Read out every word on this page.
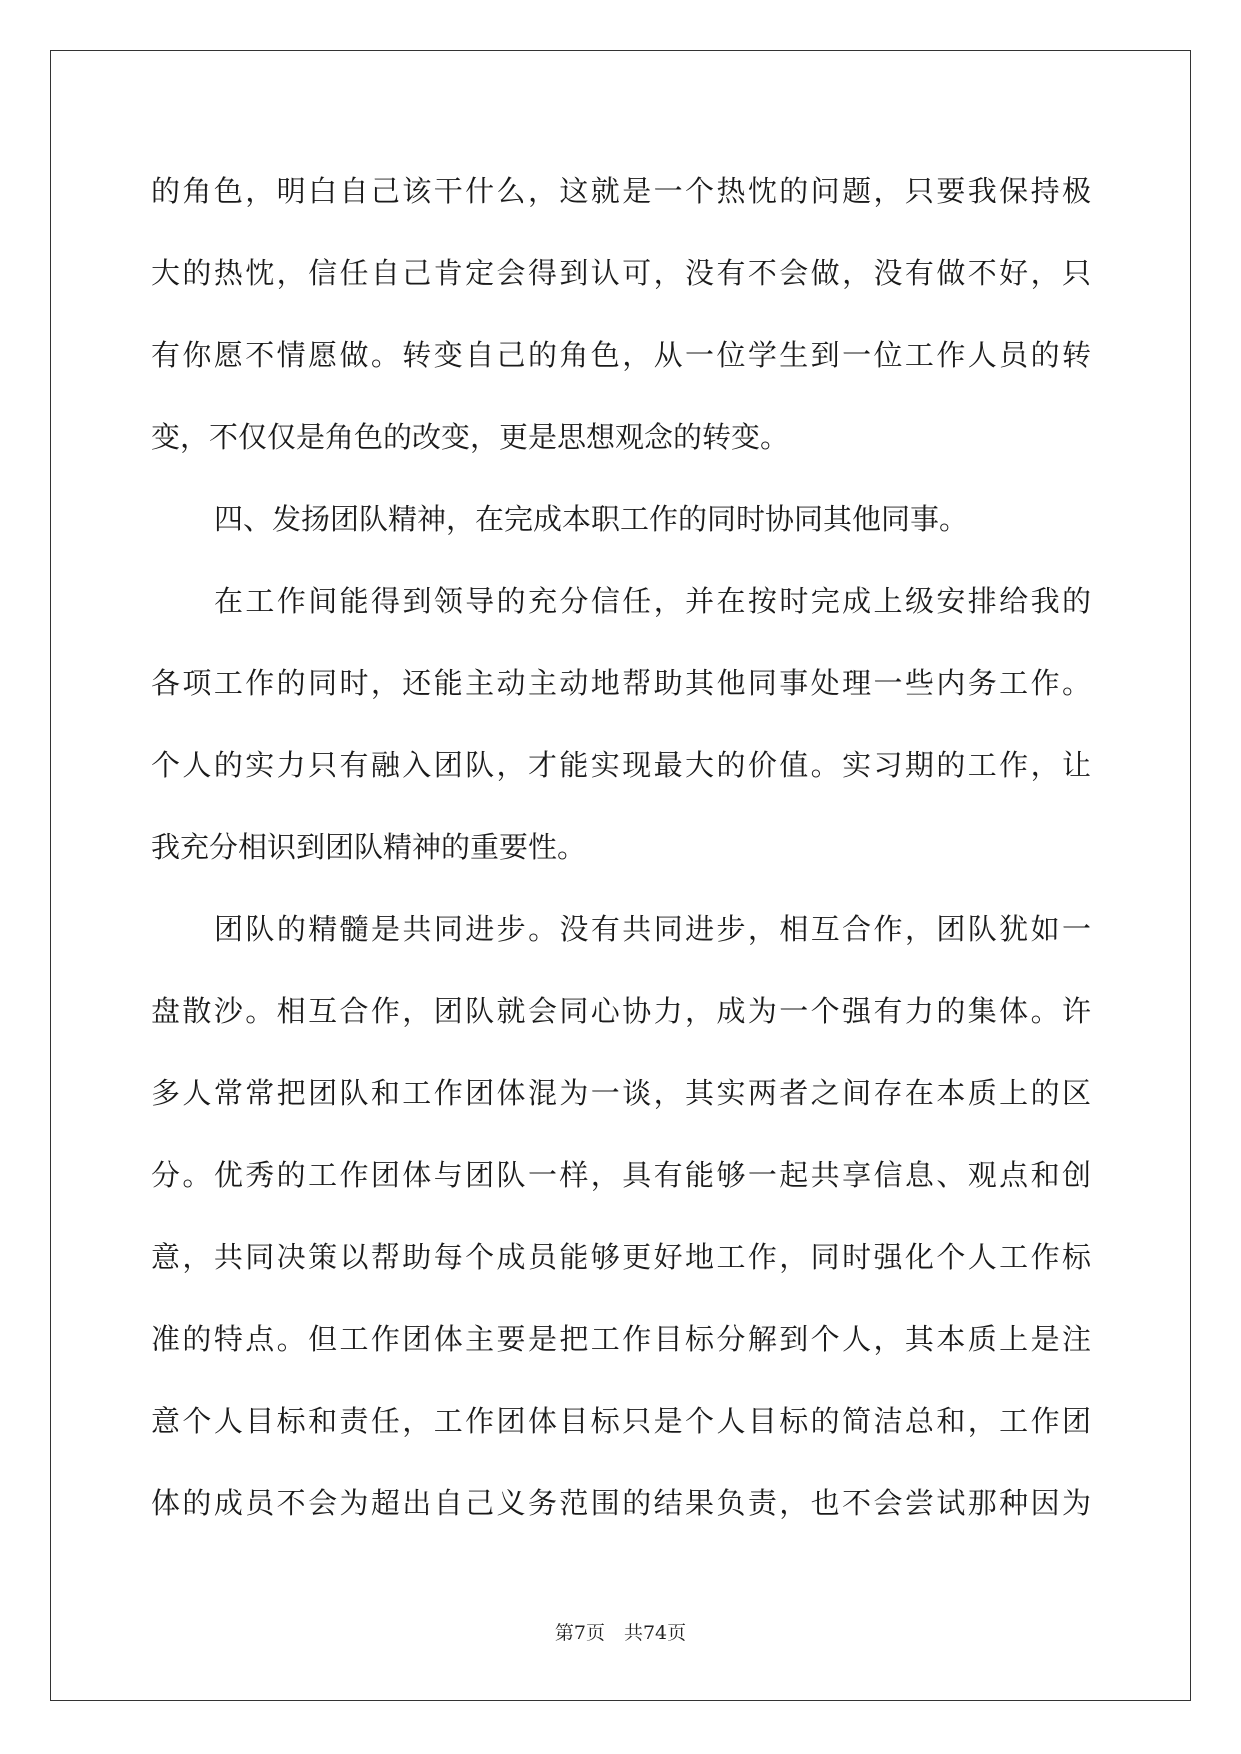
的角色，明白自己该干什么，这就是一个热忱的问题，只要我保持极
大的热忱，信任自己肯定会得到认可，没有不会做，没有做不好，只
有你愿不情愿做。转变自己的角色，从一位学生到一位工作人员的转
变，不仅仅是角色的改变，更是思想观念的转变。
四、发扬团队精神，在完成本职工作的同时协同其他同事。
在工作间能得到领导的充分信任，并在按时完成上级安排给我的
各项工作的同时，还能主动主动地帮助其他同事处理一些内务工作。
个人的实力只有融入团队，才能实现最大的价值。实习期的工作，让
我充分相识到团队精神的重要性。
团队的精髓是共同进步。没有共同进步，相互合作，团队犹如一
盘散沙。相互合作，团队就会同心协力，成为一个强有力的集体。许
多人常常把团队和工作团体混为一谈，其实两者之间存在本质上的区
分。优秀的工作团体与团队一样，具有能够一起共享信息、观点和创
意，共同决策以帮助每个成员能够更好地工作，同时强化个人工作标
准的特点。但工作团体主要是把工作目标分解到个人，其本质上是注
意个人目标和责任，工作团体目标只是个人目标的简洁总和，工作团
体的成员不会为超出自己义务范围的结果负责，也不会尝试那种因为
第7页　共74页
